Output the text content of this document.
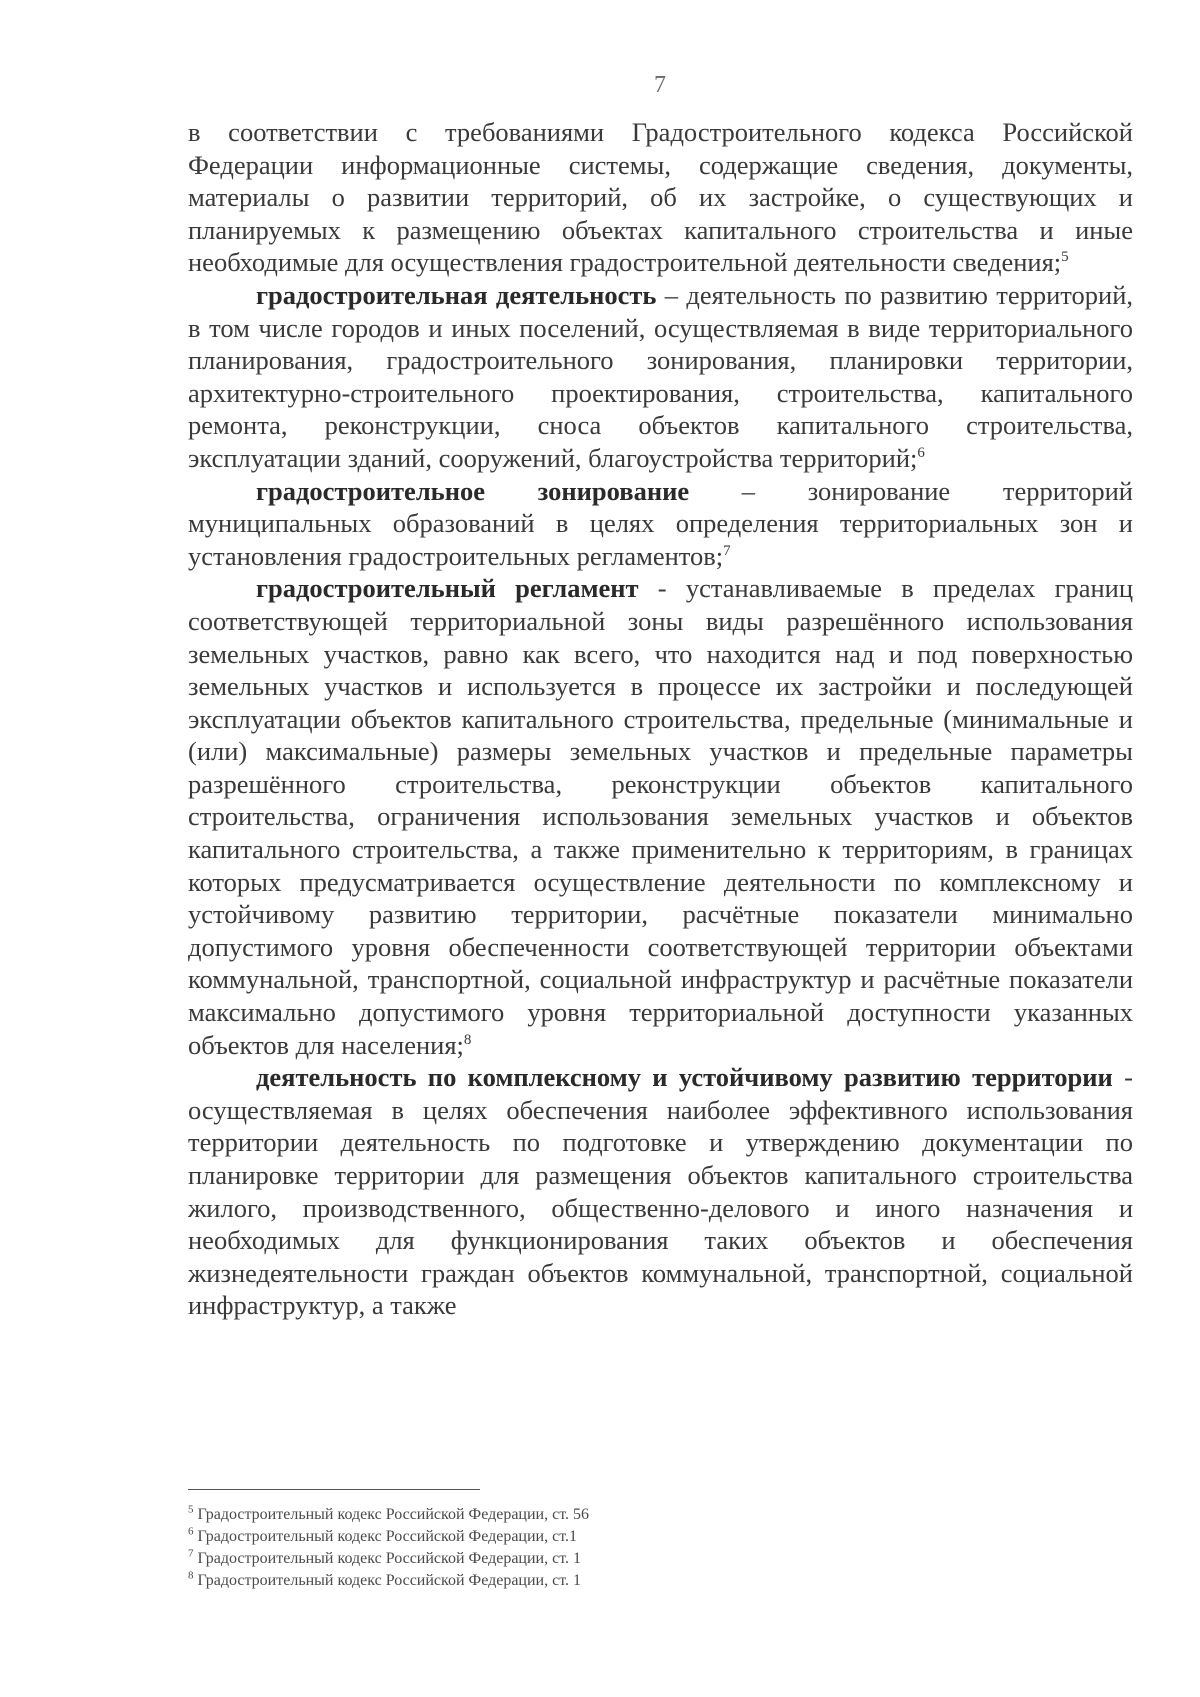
7

в соответствии с требованиями Градостроительного кодекса Российской Федерации информационные системы, содержащие сведения, документы, материалы о развитии территорий, об их застройке, о существующих и планируемых к размещению объектах капитального строительства и иные необходимые для осуществления градостроительной деятельности сведения;$^5$

градостроительная деятельность – деятельность по развитию территорий, в том числе городов и иных поселений, осуществляемая в виде территориального планирования, градостроительного зонирования, планировки территории, архитектурно-строительного проектирования, строительства, капитального ремонта, реконструкции, сноса объектов капитального строительства, эксплуатации зданий, сооружений, благоустройства территорий;$^6$

градостроительное зонирование – зонирование территорий муниципальных образований в целях определения территориальных зон и установления градостроительных регламентов;$^7$

градостроительный регламент - устанавливаемые в пределах границ соответствующей территориальной зоны виды разрешённого использования земельных участков, равно как всего, что находится над и под поверхностью земельных участков и используется в процессе их застройки и последующей эксплуатации объектов капитального строительства, предельные (минимальные и (или) максимальные) размеры земельных участков и предельные параметры разрешённого строительства, реконструкции объектов капитального строительства, ограничения использования земельных участков и объектов капитального строительства, а также применительно к территориям, в границах которых предусматривается осуществление деятельности по комплексному и устойчивому развитию территории, расчётные показатели минимально допустимого уровня обеспеченности соответствующей территории объектами коммунальной, транспортной, социальной инфраструктур и расчётные показатели максимально допустимого уровня территориальной доступности указанных объектов для населения;$^8$

деятельность по комплексному и устойчивому развитию территории - осуществляемая в целях обеспечения наиболее эффективного использования территории деятельность по подготовке и утверждению документации по планировке территории для размещения объектов капитального строительства жилого, производственного, общественно-делового и иного назначения и необходимых для функционирования таких объектов и обеспечения жизнедеятельности граждан объектов коммунальной, транспортной, социальной инфраструктур, а также

$^5$ Градостроительный кодекс Российской Федерации, ст. 56
$^6$ Градостроительный кодекс Российской Федерации, ст.1
$^7$ Градостроительный кодекс Российской Федерации, ст. 1
$^8$ Градостроительный кодекс Российской Федерации, ст. 1
